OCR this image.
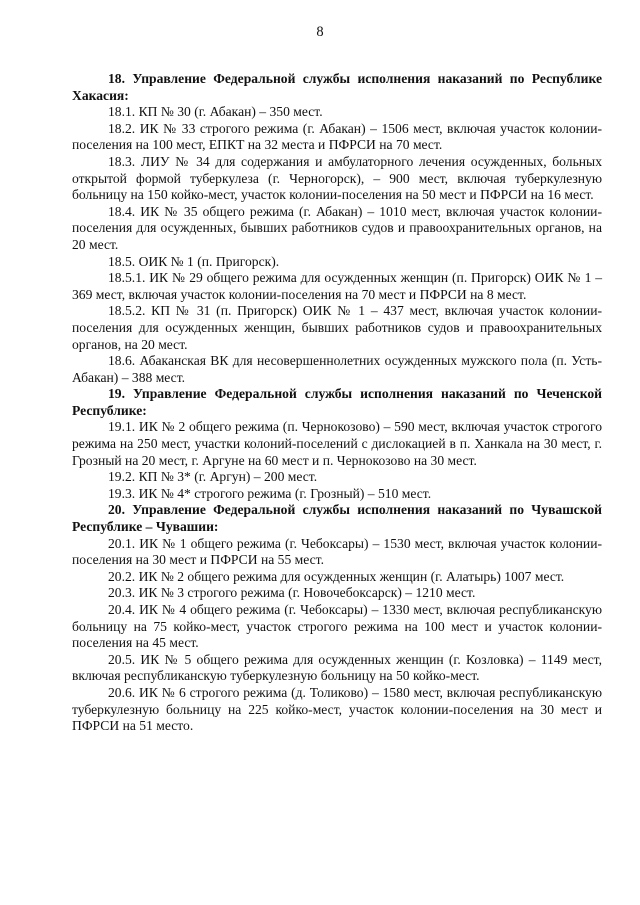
8

18. Управление Федеральной службы исполнения наказаний по Республике Хакасия:

18.1. КП № 30 (г. Абакан) – 350 мест.

18.2. ИК № 33 строгого режима (г. Абакан) – 1506 мест, включая участок колонии-поселения на 100 мест, ЕПКТ на 32 места и ПФРСИ на 70 мест.

18.3. ЛИУ № 34 для содержания и амбулаторного лечения осужденных, больных открытой формой туберкулеза (г. Черногорск), – 900 мест, включая туберкулезную больницу на 150 койко-мест, участок колонии-поселения на 50 мест и ПФРСИ на 16 мест.

18.4. ИК № 35 общего режима (г. Абакан) – 1010 мест, включая участок колонии-поселения для осужденных, бывших работников судов и правоохранительных органов, на 20 мест.

18.5. ОИК № 1 (п. Пригорск).

18.5.1. ИК № 29 общего режима для осужденных женщин (п. Пригорск) ОИК № 1 – 369 мест, включая участок колонии-поселения на 70 мест и ПФРСИ на 8 мест.

18.5.2. КП № 31 (п. Пригорск) ОИК № 1 – 437 мест, включая участок колонии-поселения для осужденных женщин, бывших работников судов и правоохранительных органов, на 20 мест.

18.6. Абаканская ВК для несовершеннолетних осужденных мужского пола (п. Усть-Абакан) – 388 мест.

19. Управление Федеральной службы исполнения наказаний по Чеченской Республике:

19.1. ИК № 2 общего режима (п. Чернокозово) – 590 мест, включая участок строгого режима на 250 мест, участки колоний-поселений с дислокацией в п. Ханкала на 30 мест, г. Грозный на 20 мест, г. Аргуне на 60 мест и п. Чернокозово на 30 мест.

19.2. КП № 3* (г. Аргун) – 200 мест.

19.3. ИК № 4* строгого режима (г. Грозный) – 510 мест.

20. Управление Федеральной службы исполнения наказаний по Чувашской Республике – Чувашии:

20.1. ИК № 1 общего режима (г. Чебоксары) – 1530 мест, включая участок колонии-поселения на 30 мест и ПФРСИ на 55 мест.

20.2. ИК № 2 общего режима для осужденных женщин (г. Алатырь) 1007 мест.

20.3. ИК № 3 строгого режима (г. Новочебоксарск) – 1210 мест.

20.4. ИК № 4 общего режима (г. Чебоксары) – 1330 мест, включая республиканскую больницу на 75 койко-мест, участок строгого режима на 100 мест и участок колонии-поселения на 45 мест.

20.5. ИК № 5 общего режима для осужденных женщин (г. Козловка) – 1149 мест, включая республиканскую туберкулезную больницу на 50 койко-мест.

20.6. ИК № 6 строгого режима (д. Толиково) – 1580 мест, включая республиканскую туберкулезную больницу на 225 койко-мест, участок колонии-поселения на 30 мест и ПФРСИ на 51 место.
